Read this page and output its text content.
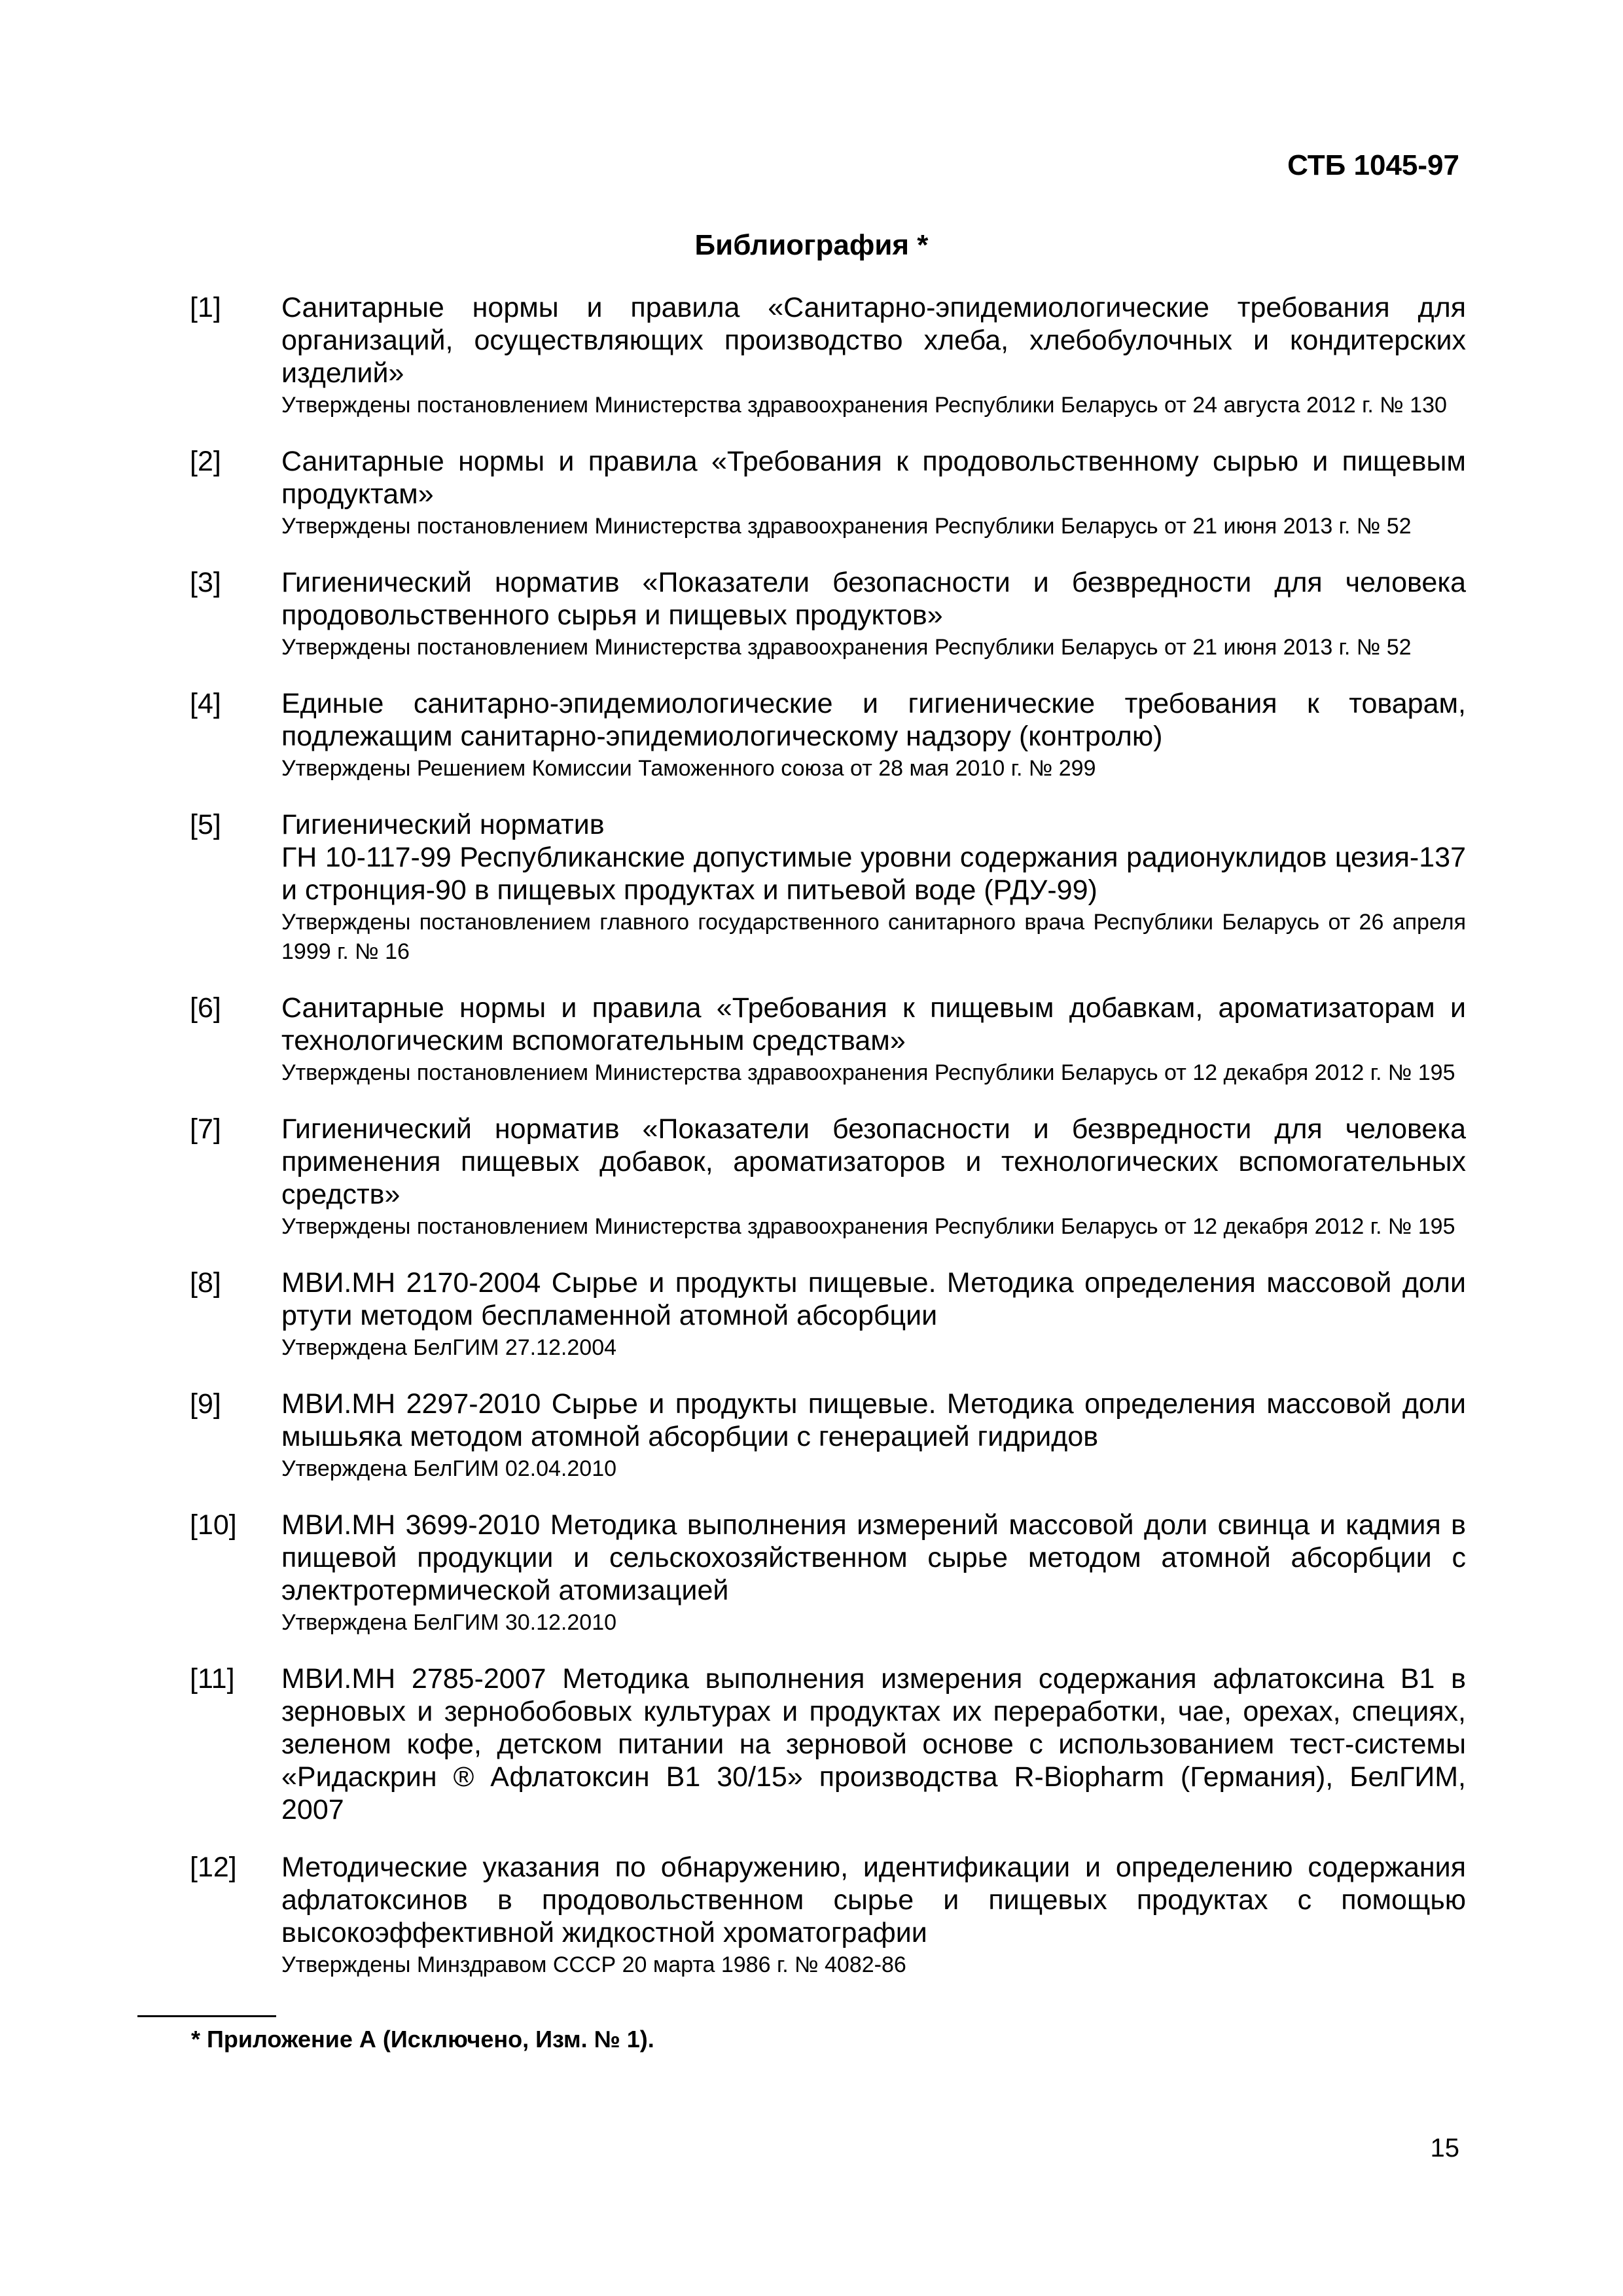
СТБ 1045-97
Библиография *
[1] Санитарные нормы и правила «Санитарно-эпидемиологические требования для организаций, осуществляющих производство хлеба, хлебобулочных и кондитерских изделий»

Утверждены постановлением Министерства здравоохранения Республики Беларусь от 24 августа 2012 г. № 130

[2] Санитарные нормы и правила «Требования к продовольственному сырью и пищевым продуктам»

Утверждены постановлением Министерства здравоохранения Республики Беларусь от 21 июня 2013 г. № 52

[3] Гигиенический норматив «Показатели безопасности и безвредности для человека продовольственного сырья и пищевых продуктов»

Утверждены постановлением Министерства здравоохранения Республики Беларусь от 21 июня 2013 г. № 52

[4] Единые санитарно-эпидемиологические и гигиенические требования к товарам, подлежащим санитарно-эпидемиологическому надзору (контролю)

Утверждены Решением Комиссии Таможенного союза от 28 мая 2010 г. № 299

[5] Гигиенический норматив
ГН 10-117-99 Республиканские допустимые уровни содержания радионуклидов цезия-137 и стронция-90 в пищевых продуктах и питьевой воде (РДУ-99)

Утверждены постановлением главного государственного санитарного врача Республики Беларусь от 26 апреля 1999 г. № 16

[6] Санитарные нормы и правила «Требования к пищевым добавкам, ароматизаторам и технологическим вспомогательным средствам»

Утверждены постановлением Министерства здравоохранения Республики Беларусь от 12 декабря 2012 г. № 195

[7] Гигиенический норматив «Показатели безопасности и безвредности для человека применения пищевых добавок, ароматизаторов и технологических вспомогательных средств»

Утверждены постановлением Министерства здравоохранения Республики Беларусь от 12 декабря 2012 г. № 195

[8] МВИ.МН 2170-2004 Сырье и продукты пищевые. Методика определения массовой доли ртути методом беспламенной атомной абсорбции

Утверждена БелГИМ 27.12.2004

[9] МВИ.МН 2297-2010 Сырье и продукты пищевые. Методика определения массовой доли мышьяка методом атомной абсорбции с генерацией гидридов

Утверждена БелГИМ 02.04.2010

[10] МВИ.МН 3699-2010 Методика выполнения измерений массовой доли свинца и кадмия в пищевой продукции и сельскохозяйственном сырье методом атомной абсорбции с электротермической атомизацией

Утверждена БелГИМ 30.12.2010

[11] МВИ.МН 2785-2007 Методика выполнения измерения содержания афлатоксина В1 в зерновых и зернобобовых культурах и продуктах их переработки, чае, орехах, специях, зеленом кофе, детском питании на зерновой основе с использованием тест-системы «Ридаскрин ® Афлатоксин В1 30/15» производства R-Biopharm (Германия), БелГИМ, 2007

[12] Методические указания по обнаружению, идентификации и определению содержания афлатоксинов в продовольственном сырье и пищевых продуктах с помощью высокоэффективной жидкостной хроматографии

Утверждены Минздравом СССР 20 марта 1986 г. № 4082-86

* Приложение А (Исключено, Изм. № 1).
15
